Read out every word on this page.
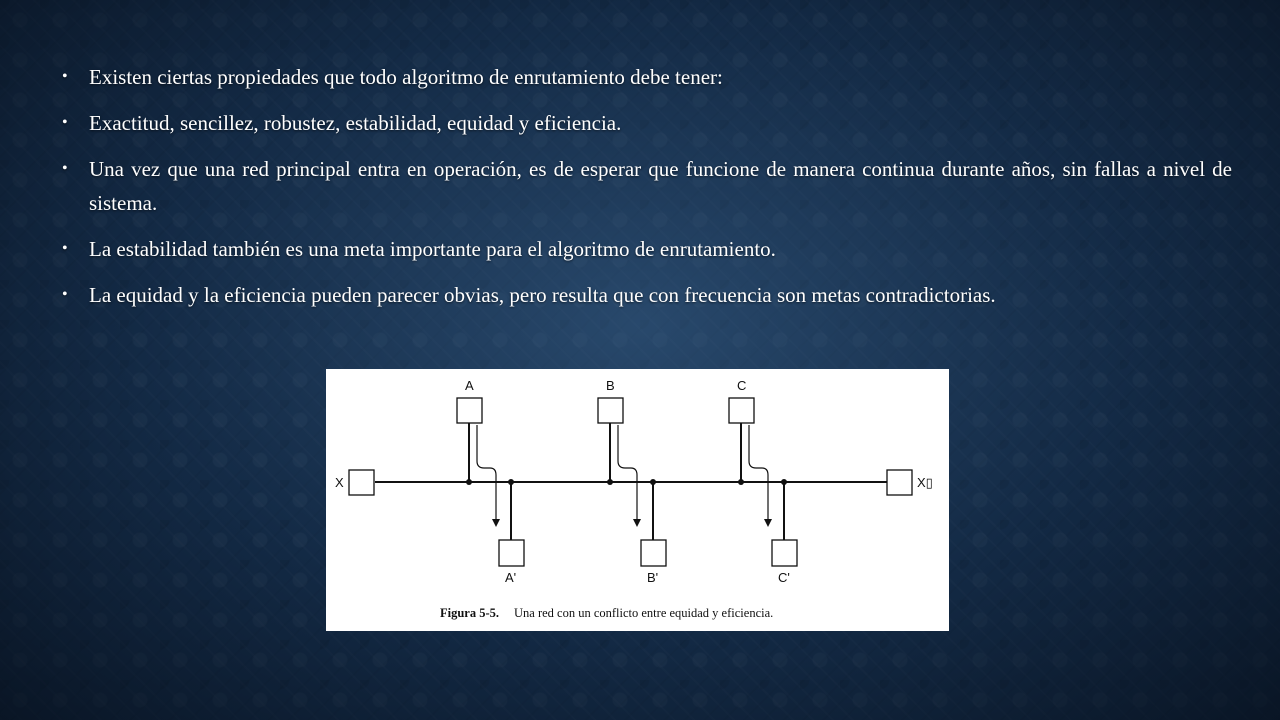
• Existen ciertas propiedades que todo algoritmo de enrutamiento debe tener:
• Exactitud, sencillez, robustez, estabilidad, equidad y eficiencia.
• Una vez que una red principal entra en operación, es de esperar que funcione de manera continua durante años, sin fallas a nivel de sistema.
• La estabilidad también es una meta importante para el algoritmo de enrutamiento.
• La equidad y la eficiencia pueden parecer obvias, pero resulta que con frecuencia son metas contradictorias.
X	X▯
A
A'
B
B'
C
C'
Figura 5-5. Una red con un conflicto entre equidad y eficiencia.
